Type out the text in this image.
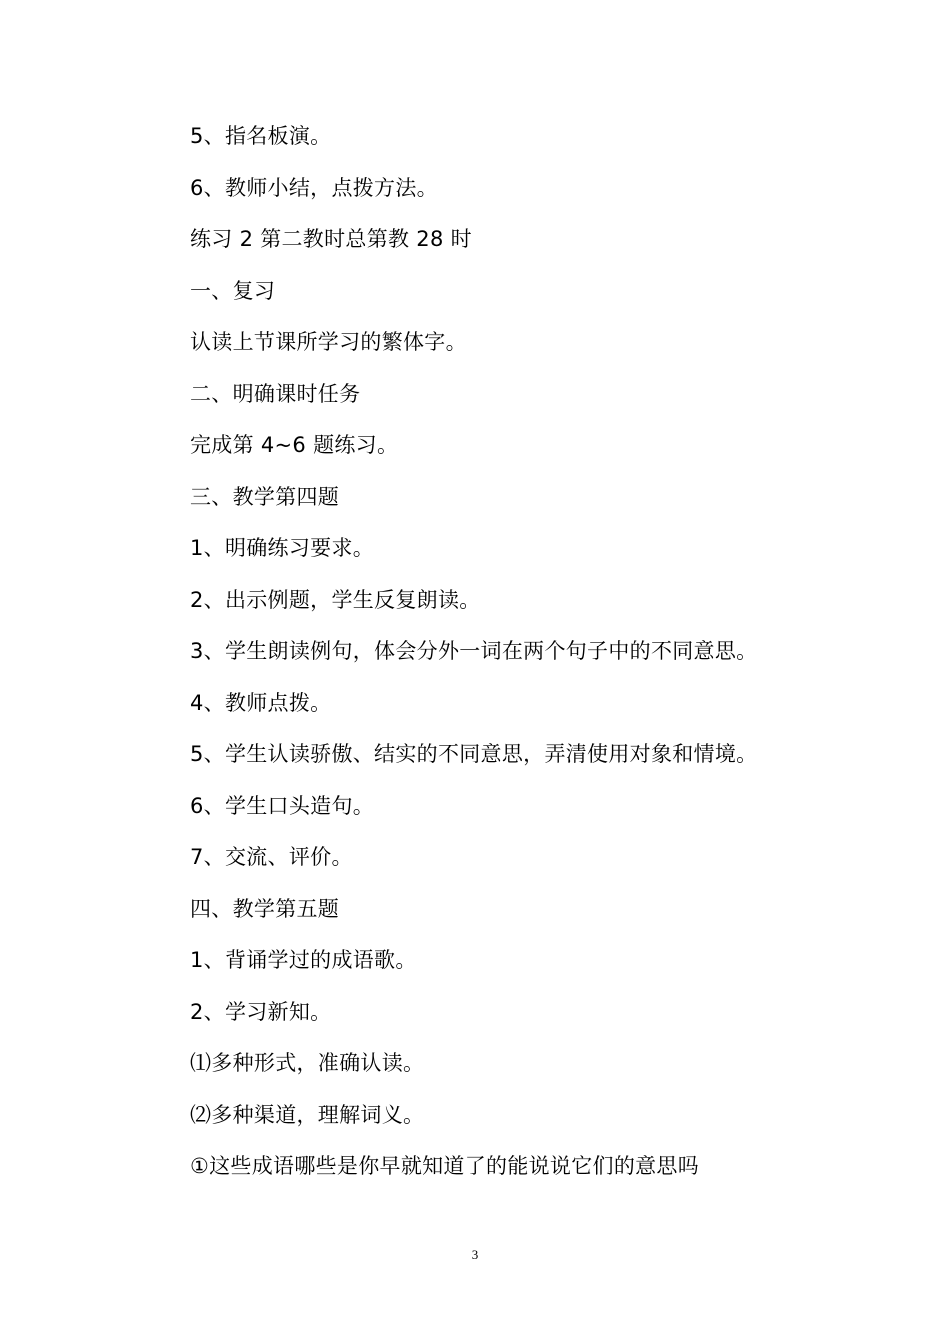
5、指名板演。
6、教师小结，点拨方法。
练习 2 第二教时总第教 28 时
一、复习
认读上节课所学习的繁体字。
二、明确课时任务
完成第 4~6 题练习。
三、教学第四题
1、明确练习要求。
2、出示例题，学生反复朗读。
3、学生朗读例句，体会分外一词在两个句子中的不同意思。
4、教师点拨。
5、学生认读骄傲、结实的不同意思，弄清使用对象和情境。
6、学生口头造句。
7、交流、评价。
四、教学第五题
1、背诵学过的成语歌。
2、学习新知。
⑴多种形式，准确认读。
⑵多种渠道，理解词义。
①这些成语哪些是你早就知道了的能说说它们的意思吗
3
